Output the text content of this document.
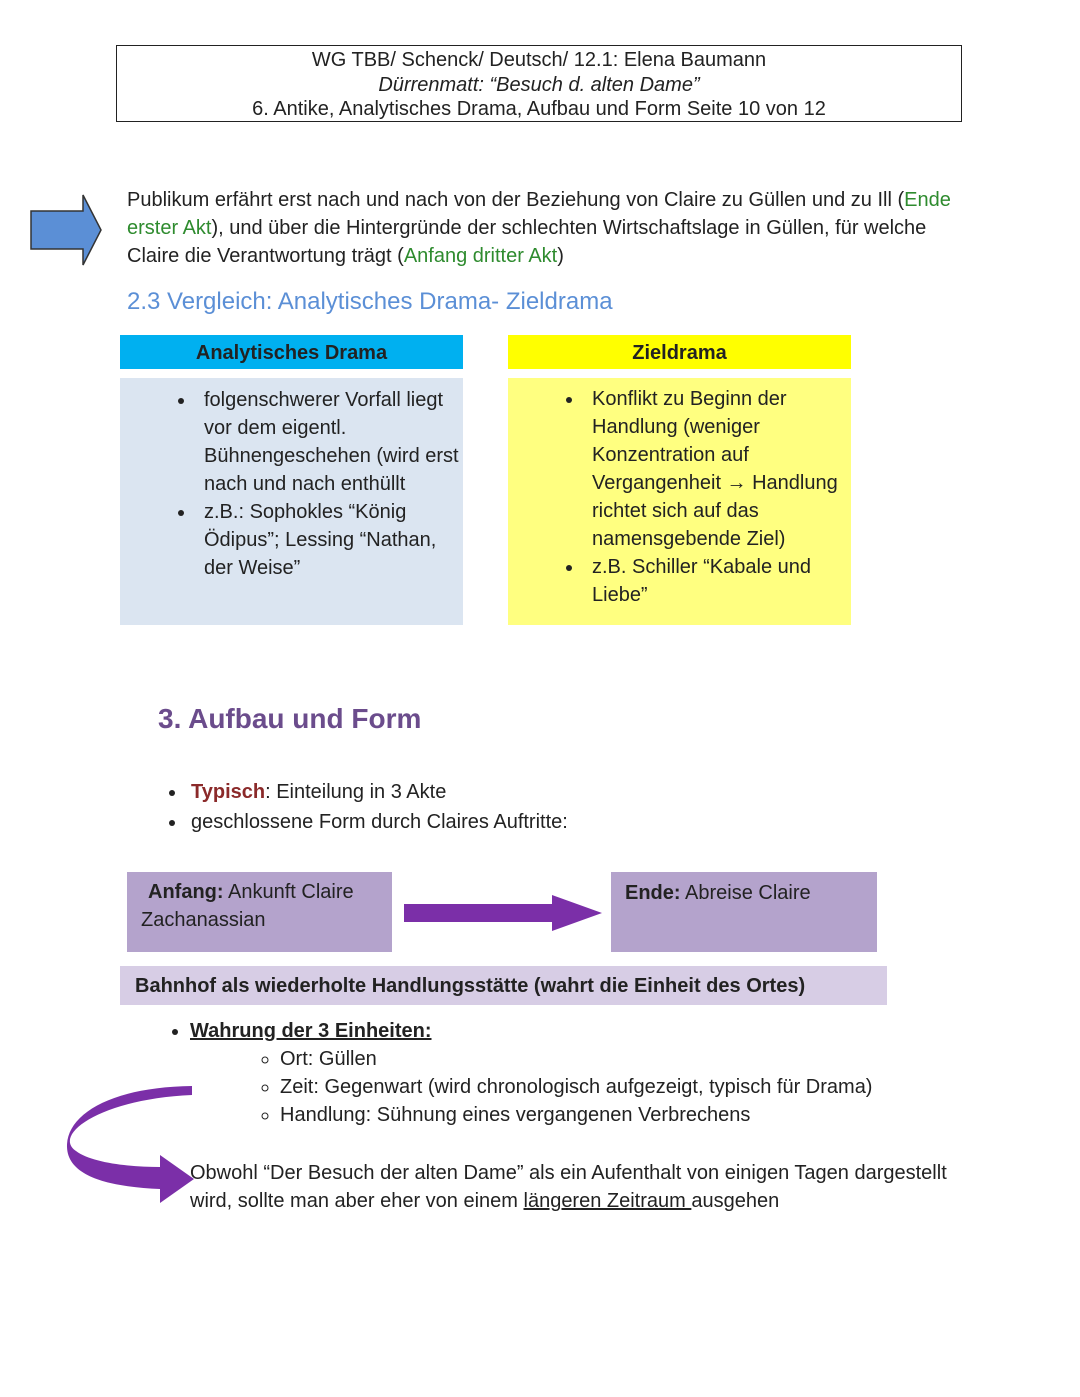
WG TBB/ Schenck/ Deutsch/ 12.1: Elena Baumann
Dürrenmatt: “Besuch d. alten Dame”
6. Antike, Analytisches Drama, Aufbau und Form Seite 10 von 12
Publikum erfährt erst nach und nach von der Beziehung von Claire zu Güllen und zu Ill (Ende erster Akt), und über die Hintergründe der schlechten Wirtschaftslage in Güllen, für welche Claire die Verantwortung trägt (Anfang dritter Akt)
2.3 Vergleich: Analytisches Drama- Zieldrama
Analytisches Drama
• folgenschwerer Vorfall liegt vor dem eigentl. Bühnengeschehen (wird erst nach und nach enthüllt
• z.B.: Sophokles “König Ödipus”; Lessing “Nathan, der Weise”
Zieldrama
• Konflikt zu Beginn der Handlung (weniger Konzentration auf Vergangenheit → Handlung richtet sich auf das namensgebende Ziel)
• z.B. Schiller “Kabale und Liebe”
3. Aufbau und Form
• Typisch: Einteilung in 3 Akte
• geschlossene Form durch Claires Auftritte:
Anfang: Ankunft Claire Zachanassian
Ende: Abreise Claire
Bahnhof als wiederholte Handlungsstätte (wahrt die Einheit des Ortes)
• Wahrung der 3 Einheiten:
◦ Ort: Güllen
◦ Zeit: Gegenwart (wird chronologisch aufgezeigt, typisch für Drama)
◦ Handlung: Sühnung eines vergangenen Verbrechens
Obwohl “Der Besuch der alten Dame” als ein Aufenthalt von einigen Tagen dargestellt wird, sollte man aber eher von einem längeren Zeitraum ausgehen
